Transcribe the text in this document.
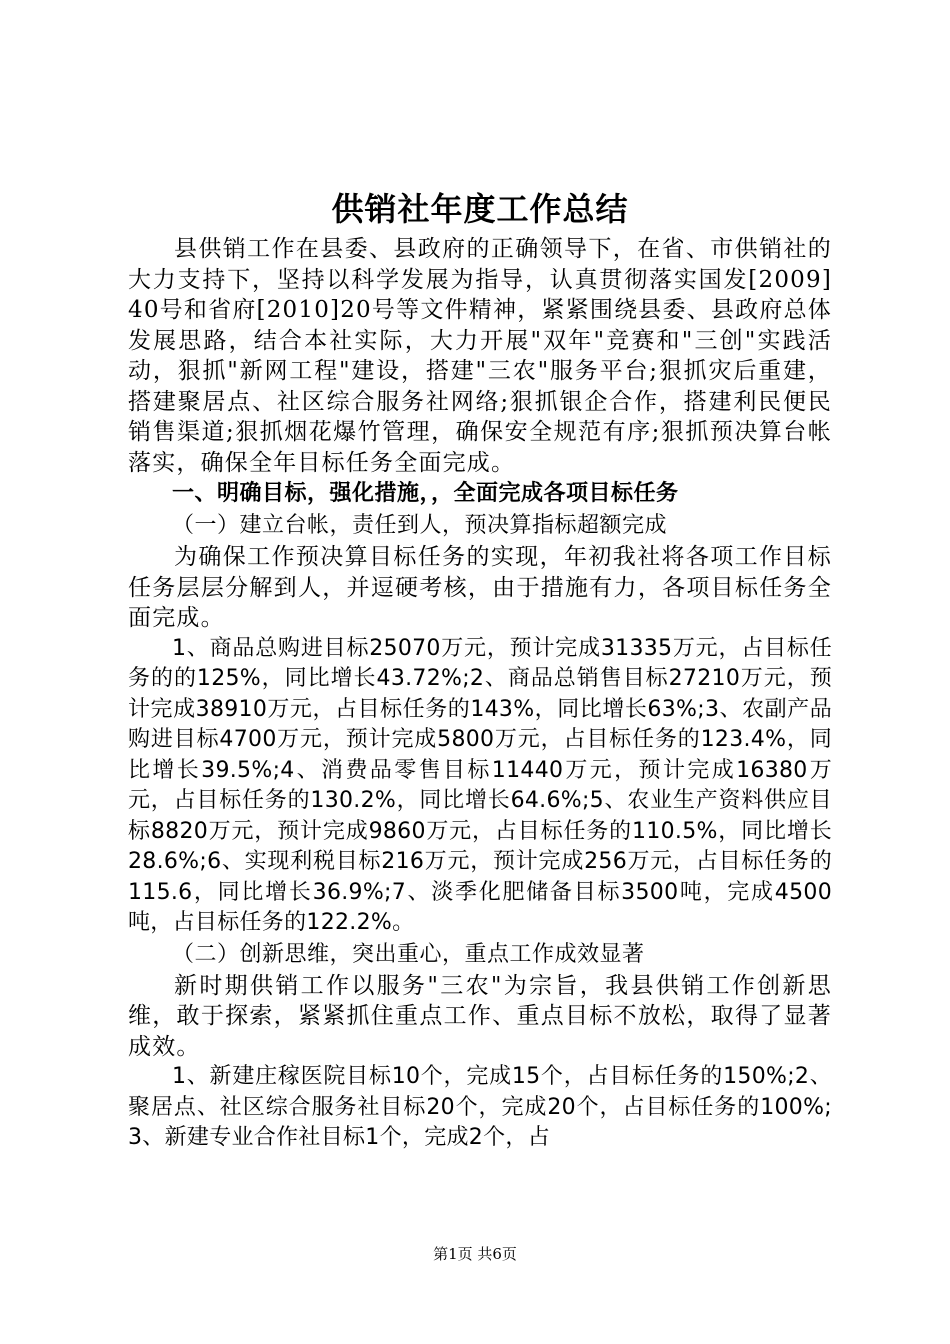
供销社年度工作总结

县供销工作在县委、县政府的正确领导下，在省、市供销社的大力支持下，坚持以科学发展为指导，认真贯彻落实国发[2009]40号和省府[2010]20号等文件精神，紧紧围绕县委、县政府总体发展思路，结合本社实际，大力开展"双年"竞赛和"三创"实践活动，狠抓"新网工程"建设，搭建"三农"服务平台;狠抓灾后重建，搭建聚居点、社区综合服务社网络;狠抓银企合作，搭建利民便民销售渠道;狠抓烟花爆竹管理，确保安全规范有序;狠抓预决算台帐落实，确保全年目标任务全面完成。

一、明确目标，强化措施，，全面完成各项目标任务

（一）建立台帐，责任到人，预决算指标超额完成

为确保工作预决算目标任务的实现，年初我社将各项工作目标任务层层分解到人，并逗硬考核，由于措施有力，各项目标任务全面完成。

1、商品总购进目标25070万元，预计完成31335万元，占目标任务的的125%，同比增长43.72%;2、商品总销售目标27210万元，预计完成38910万元，占目标任务的143%，同比增长63%;3、农副产品购进目标4700万元，预计完成5800万元，占目标任务的123.4%，同比增长39.5%;4、消费品零售目标11440万元，预计完成16380万元，占目标任务的130.2%，同比增长64.6%;5、农业生产资料供应目标8820万元，预计完成9860万元，占目标任务的110.5%，同比增长28.6%;6、实现利税目标216万元，预计完成256万元，占目标任务的115.6，同比增长36.9%;7、淡季化肥储备目标3500吨，完成4500吨，占目标任务的122.2%。

（二）创新思维，突出重心，重点工作成效显著

新时期供销工作以服务"三农"为宗旨，我县供销工作创新思维，敢于探索，紧紧抓住重点工作、重点目标不放松，取得了显著成效。

1、新建庄稼医院目标10个，完成15个，占目标任务的150%;2、聚居点、社区综合服务社目标20个，完成20个，占目标任务的100%;3、新建专业合作社目标1个，完成2个，占

第1页 共6页
